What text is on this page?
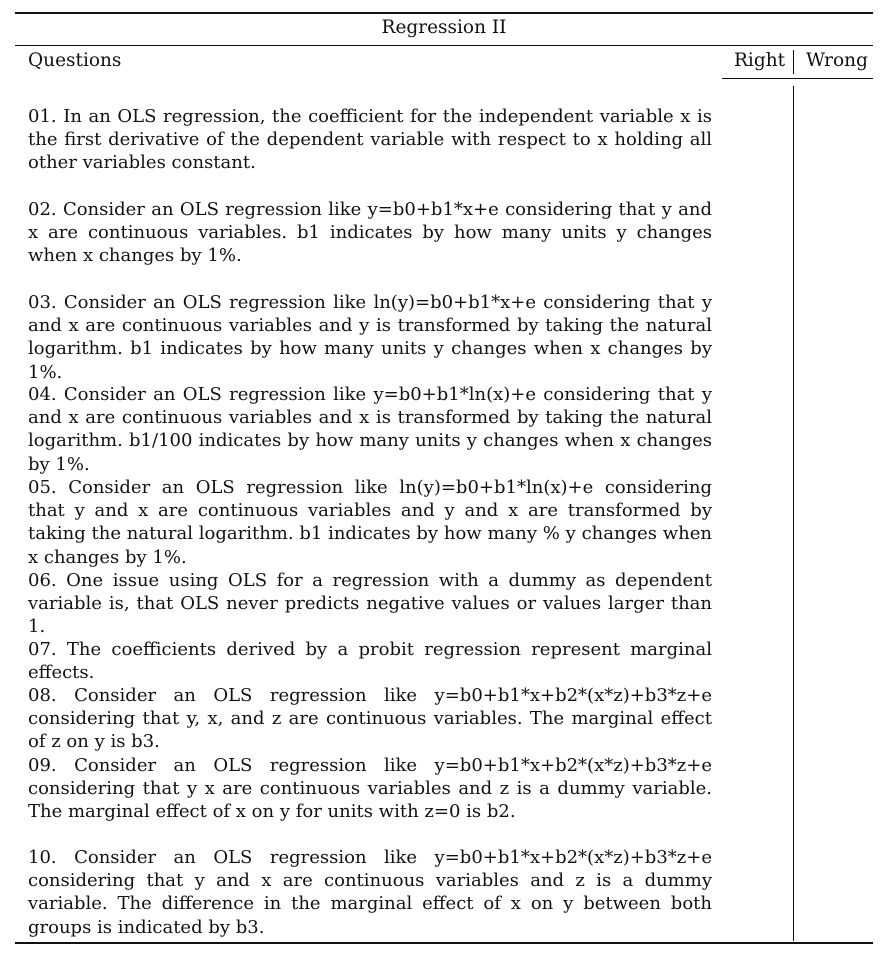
Regression II
Questions	Right Wrong
01. In an OLS regression, the coefficient for the independent variable x is the first derivative of the dependent variable with respect to x holding all other variables constant.
02. Consider an OLS regression like y=b0+b1*x+e considering that y and x are continuous variables. b1 indicates by how many units y changes when x changes by 1%.
03. Consider an OLS regression like ln(y)=b0+b1*x+e considering that y and x are continuous variables and y is transformed by taking the natural logarithm. b1 indicates by how many units y changes when x changes by 1%.
04. Consider an OLS regression like y=b0+b1*ln(x)+e considering that y and x are continuous variables and x is transformed by taking the natural logarithm. b1/100 indicates by how many units y changes when x changes by 1%.
05. Consider an OLS regression like ln(y)=b0+b1*ln(x)+e considering that y and x are continuous variables and y and x are transformed by taking the natural logarithm. b1 indicates by how many % y changes when x changes by 1%.
06. One issue using OLS for a regression with a dummy as dependent variable is, that OLS never predicts negative values or values larger than 1.
07. The coefficients derived by a probit regression represent marginal effects.
08. Consider an OLS regression like y=b0+b1*x+b2*(x*z)+b3*z+e considering that y, x, and z are continuous variables. The marginal effect of z on y is b3.
09. Consider an OLS regression like y=b0+b1*x+b2*(x*z)+b3*z+e considering that y x are continuous variables and z is a dummy variable. The marginal effect of x on y for units with z=0 is b2.
10. Consider an OLS regression like y=b0+b1*x+b2*(x*z)+b3*z+e considering that y and x are continuous variables and z is a dummy variable. The difference in the marginal effect of x on y between both groups is indicated by b3.
